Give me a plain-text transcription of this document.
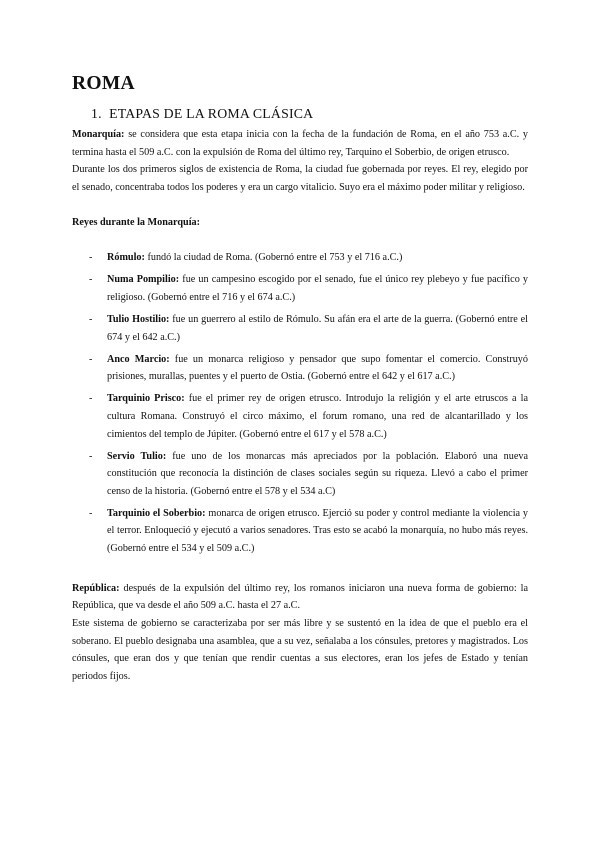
ROMA
1. ETAPAS DE LA ROMA CLÁSICA

Monarquía: se considera que esta etapa inicia con la fecha de la fundación de Roma, en el año 753 a.C. y termina hasta el 509 a.C. con la expulsión de Roma del último rey, Tarquino el Soberbio, de origen etrusco.

Durante los dos primeros siglos de existencia de Roma, la ciudad fue gobernada por reyes. El rey, elegido por el senado, concentraba todos los poderes y era un cargo vitalicio. Suyo era el máximo poder militar y religioso.

Reyes durante la Monarquía:

- Rómulo: fundó la ciudad de Roma. (Gobernó entre el 753 y el 716 a.C.)
- Numa Pompilio: fue un campesino escogido por el senado, fue el único rey plebeyo y fue pacífico y religioso. (Gobernó entre el 716 y el 674 a.C.)
- Tulio Hostilio: fue un guerrero al estilo de Rómulo. Su afán era el arte de la guerra. (Gobernó entre el 674 y el 642 a.C.)
- Anco Marcio: fue un monarca religioso y pensador que supo fomentar el comercio. Construyó prisiones, murallas, puentes y el puerto de Ostia. (Gobernó entre el 642 y el 617 a.C.)
- Tarquinio Prisco: fue el primer rey de origen etrusco. Introdujo la religión y el arte etruscos a la cultura Romana. Construyó el circo máximo, el forum romano, una red de alcantarillado y los cimientos del templo de Júpiter. (Gobernó entre el 617 y el 578 a.C.)
- Servio Tulio: fue uno de los monarcas más apreciados por la población. Elaboró una nueva constitución que reconocía la distinción de clases sociales según su riqueza. Llevó a cabo el primer censo de la historia. (Gobernó entre el 578 y el 534 a.C)
- Tarquinio el Soberbio: monarca de origen etrusco. Ejerció su poder y control mediante la violencia y el terror. Enloqueció y ejecutó a varios senadores. Tras esto se acabó la monarquía, no hubo más reyes. (Gobernó entre el 534 y el 509 a.C.)

República: después de la expulsión del último rey, los romanos iniciaron una nueva forma de gobierno: la República, que va desde el año 509 a.C. hasta el 27 a.C.

Este sistema de gobierno se caracterizaba por ser más libre y se sustentó en la idea de que el pueblo era el soberano. El pueblo designaba una asamblea, que a su vez, señalaba a los cónsules, pretores y magistrados. Los cónsules, que eran dos y que tenían que rendir cuentas a sus electores, eran los jefes de Estado y tenían periodos fijos.
